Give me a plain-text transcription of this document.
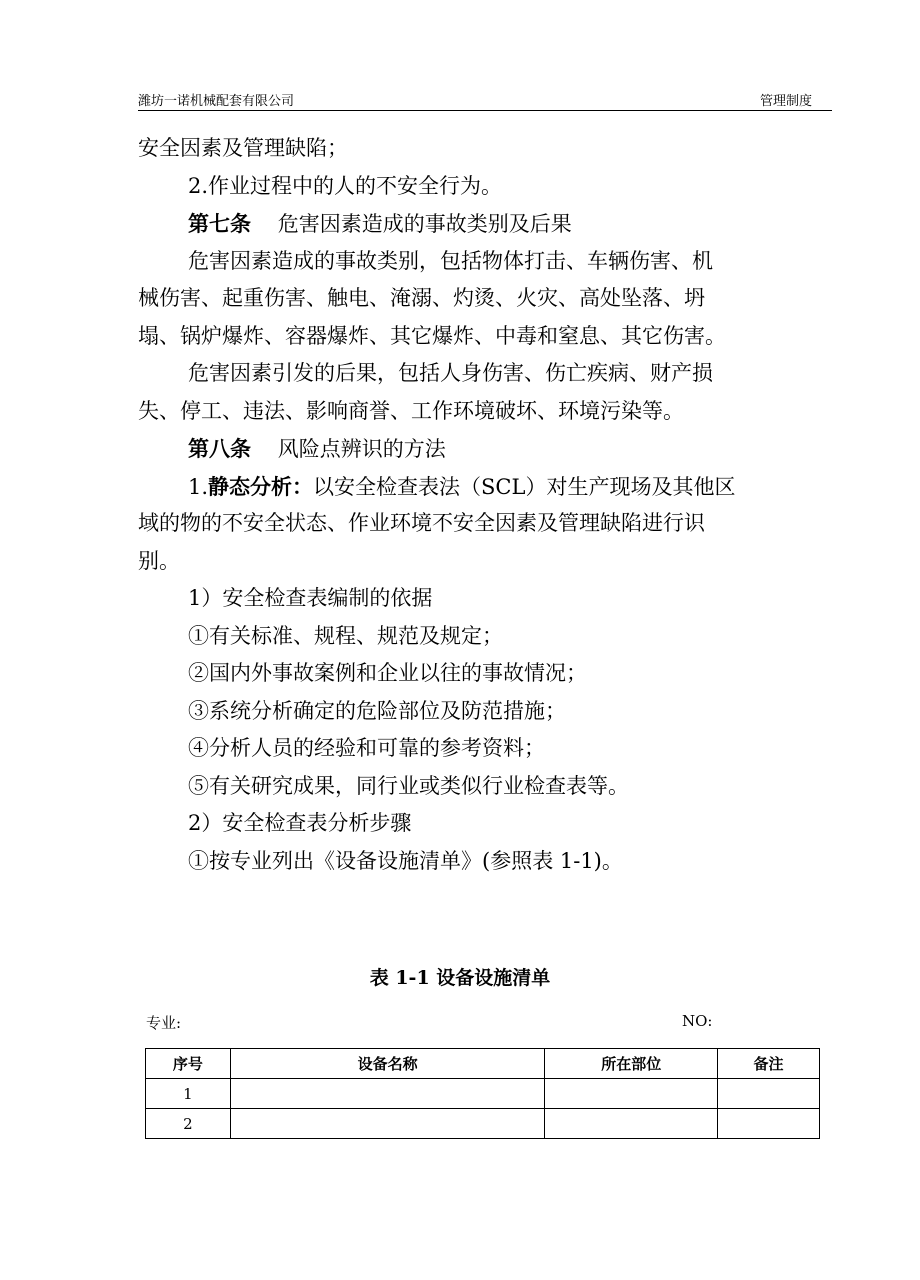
潍坊一诺机械配套有限公司	管理制度
安全因素及管理缺陷；
2.作业过程中的人的不安全行为。
第七条 危害因素造成的事故类别及后果
危害因素造成的事故类别，包括物体打击、车辆伤害、机
械伤害、起重伤害、触电、淹溺、灼烫、火灾、高处坠落、坍
塌、锅炉爆炸、容器爆炸、其它爆炸、中毒和窒息、其它伤害。
危害因素引发的后果，包括人身伤害、伤亡疾病、财产损
失、停工、违法、影响商誉、工作环境破坏、环境污染等。
第八条 风险点辨识的方法
1.静态分析：以安全检查表法（SCL）对生产现场及其他区
域的物的不安全状态、作业环境不安全因素及管理缺陷进行识
别。
1）安全检查表编制的依据
①有关标准、规程、规范及规定；
②国内外事故案例和企业以往的事故情况；
③系统分析确定的危险部位及防范措施；
④分析人员的经验和可靠的参考资料；
⑤有关研究成果，同行业或类似行业检查表等。
2）安全检查表分析步骤
①按专业列出《设备设施清单》(参照表 1-1)。
表 1-1 设备设施清单
专业:	NO:
序号	设备名称	所在部位	备注
1			
2			
